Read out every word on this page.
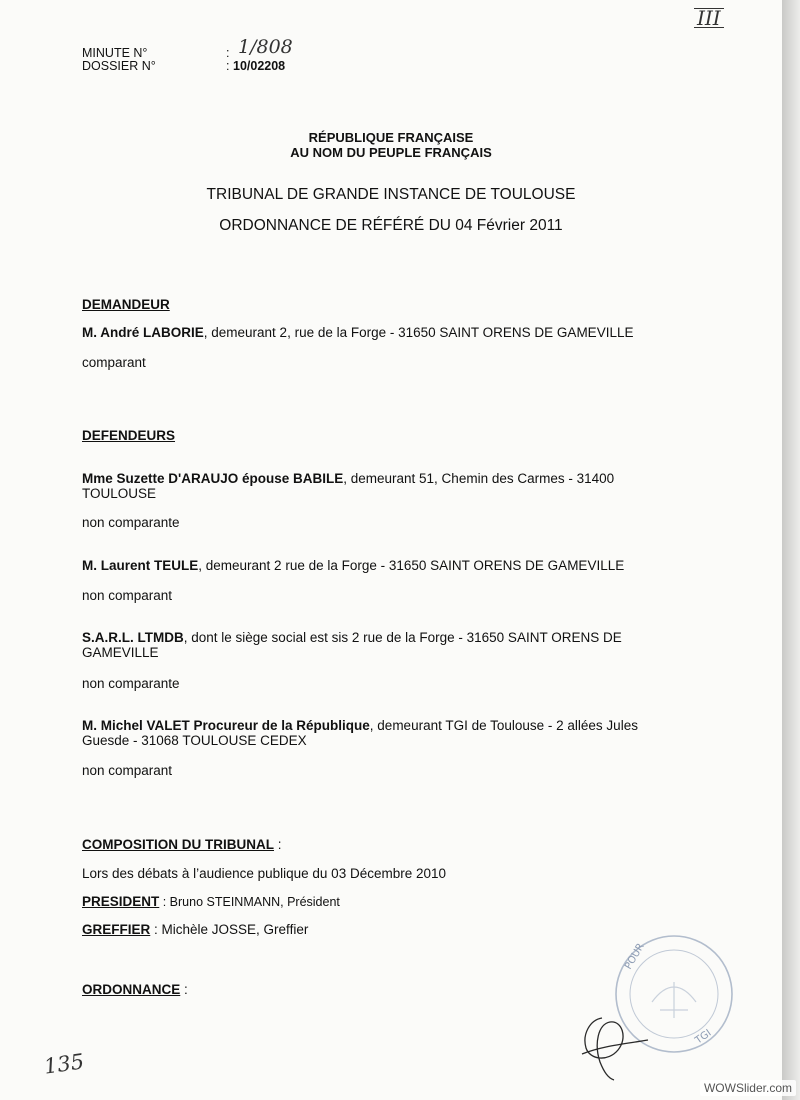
MINUTE N°
DOSSIER N°
:
:
1/808
10/02208
III
RÉPUBLIQUE FRANÇAISE
AU NOM DU PEUPLE FRANÇAIS
TRIBUNAL DE GRANDE INSTANCE DE TOULOUSE
ORDONNANCE DE RÉFÉRÉ DU 04 Février 2011
DEMANDEUR
M. André LABORIE, demeurant 2, rue de la Forge - 31650 SAINT ORENS DE GAMEVILLE
comparant
DEFENDEURS
Mme Suzette D'ARAUJO épouse BABILE, demeurant 51, Chemin des Carmes - 31400 TOULOUSE
non comparante
M. Laurent TEULE, demeurant 2 rue de la Forge - 31650 SAINT ORENS DE GAMEVILLE
non comparant
S.A.R.L. LTMDB, dont le siège social est sis 2 rue de la Forge - 31650 SAINT ORENS DE GAMEVILLE
non comparante
M. Michel VALET Procureur de la République, demeurant TGI de Toulouse - 2 allées Jules Guesde - 31068 TOULOUSE CEDEX
non comparant
COMPOSITION DU TRIBUNAL :
Lors des débats à l’audience publique du 03 Décembre 2010
PRESIDENT : Bruno STEINMANN, Président
GREFFIER : Michèle JOSSE, Greffier
ORDONNANCE :
POUR
TGI
135
WOWSlider.com
